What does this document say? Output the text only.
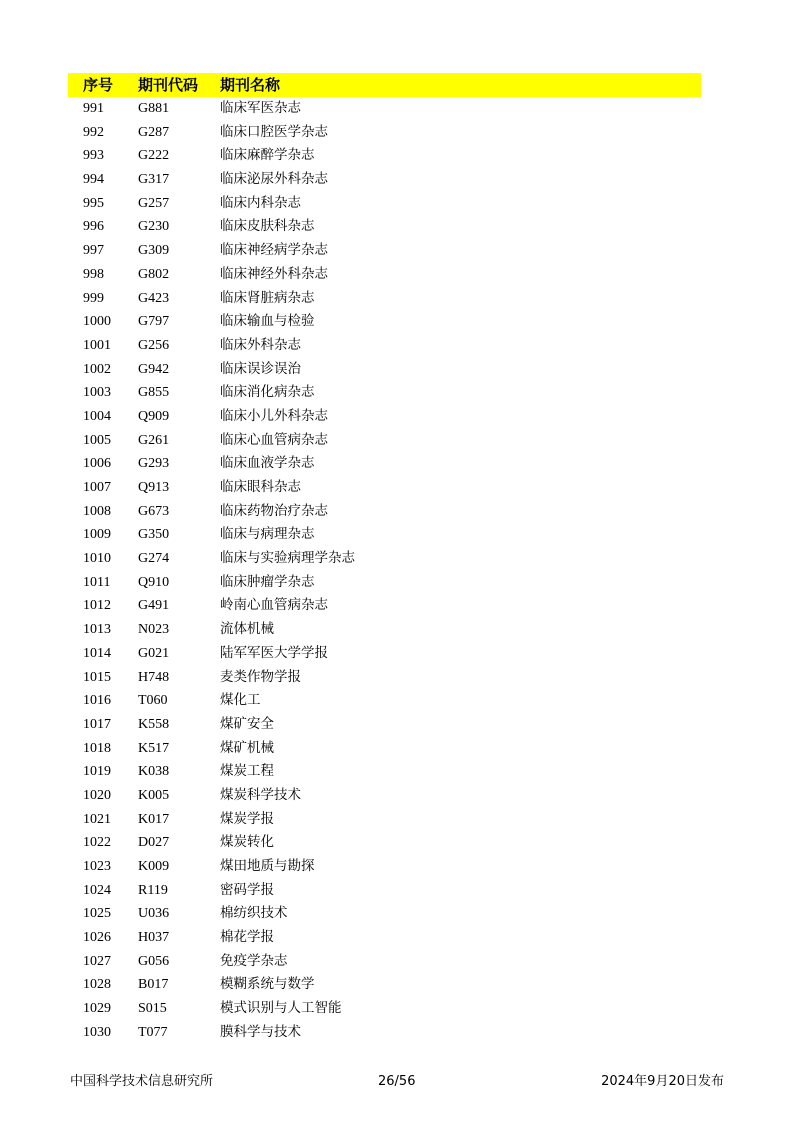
序号 期刊代码 期刊名称
991 G881	临床军医杂志
992 G287	临床口腔医学杂志
993 G222	临床麻醉学杂志
994 G317	临床泌尿外科杂志
995 G257	临床内科杂志
996 G230	临床皮肤科杂志
997 G309	临床神经病学杂志
998 G802	临床神经外科杂志
999 G423	临床肾脏病杂志
1000 G797	临床输血与检验
1001 G256	临床外科杂志
1002 G942	临床误诊误治
1003 G855	临床消化病杂志
1004 Q909	临床小儿外科杂志
1005 G261	临床心血管病杂志
1006 G293	临床血液学杂志
1007 Q913	临床眼科杂志
1008 G673	临床药物治疗杂志
1009 G350	临床与病理杂志
1010 G274	临床与实验病理学杂志
1011 Q910	临床肿瘤学杂志
1012 G491	岭南心血管病杂志
1013 N023	流体机械
1014 G021	陆军军医大学学报
1015 H748	麦类作物学报
1016 T060	煤化工
1017 K558	煤矿安全
1018 K517	煤矿机械
1019 K038	煤炭工程
1020 K005	煤炭科学技术
1021 K017	煤炭学报
1022 D027	煤炭转化
1023 K009	煤田地质与勘探
1024 R119	密码学报
1025 U036	棉纺织技术
1026 H037	棉花学报
1027 G056	免疫学杂志
1028 B017	模糊系统与数学
1029 S015	模式识别与人工智能
1030 T077	膜科学与技术
中国科学技术信息研究所	26/56	2024年9月20日发布
